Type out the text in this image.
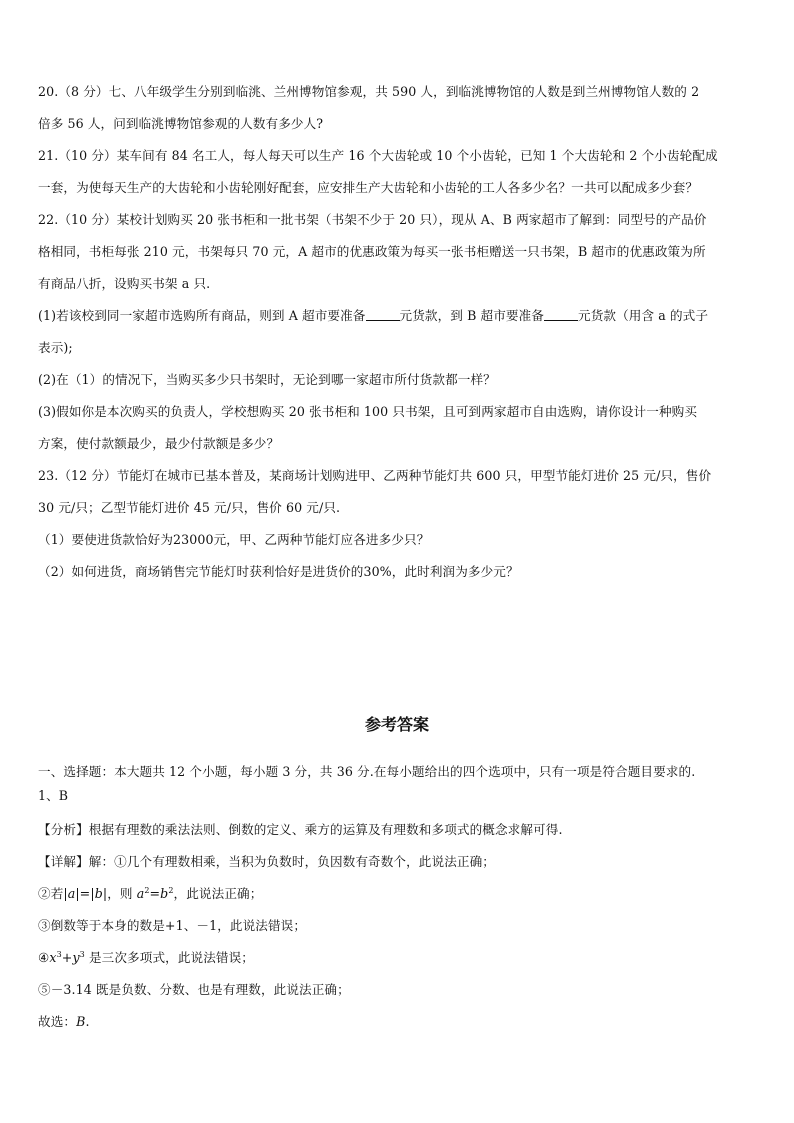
20.（8 分）七、八年级学生分别到临洮、兰州博物馆参观，共 590 人，到临洮博物馆的人数是到兰州博物馆人数的 2
倍多 56 人，问到临洮博物馆参观的人数有多少人?
21.（10 分）某车间有 84 名工人，每人每天可以生产 16 个大齿轮或 10 个小齿轮，已知 1 个大齿轮和 2 个小齿轮配成
一套，为使每天生产的大齿轮和小齿轮刚好配套，应安排生产大齿轮和小齿轮的工人各多少名？一共可以配成多少套？
22.（10 分）某校计划购买 20 张书柜和一批书架（书架不少于 20 只），现从 A、B 两家超市了解到：同型号的产品价
格相同，书柜每张 210 元，书架每只 70 元，A 超市的优惠政策为每买一张书柜赠送一只书架，B 超市的优惠政策为所
有商品八折，设购买书架 a 只.
(1)若该校到同一家超市选购所有商品，则到 A 超市要准备	元货款，到 B 超市要准备	元货款（用含 a 的式子
表示);
(2)在（1）的情况下，当购买多少只书架时，无论到哪一家超市所付货款都一样？
(3)假如你是本次购买的负责人，学校想购买 20 张书柜和 100 只书架，且可到两家超市自由选购，请你设计一种购买
方案，使付款额最少，最少付款额是多少？
23.（12 分）节能灯在城市已基本普及，某商场计划购进甲、乙两种节能灯共 600 只，甲型节能灯进价 25 元/只，售价
30 元/只；乙型节能灯进价 45 元/只，售价 60 元/只.
（1）要使进货款恰好为23000元，甲、乙两种节能灯应各进多少只？
（2）如何进货，商场销售完节能灯时获利恰好是进货价的30%，此时利润为多少元？
参考答案
一、选择题：本大题共 12 个小题，每小题 3 分，共 36 分.在每小题给出的四个选项中，只有一项是符合题目要求的.
1、B
【分析】根据有理数的乘法法则、倒数的定义、乘方的运算及有理数和多项式的概念求解可得.
【详解】解：①几个有理数相乘，当积为负数时，负因数有奇数个，此说法正确；
②若|a|=|b|，则 $a^2=b^2$，此说法正确；
③倒数等于本身的数是+1、－1，此说法错误；
$④x^3+y^3$ 是三次多项式，此说法错误；
⑤－3.14 既是负数、分数、也是有理数，此说法正确；
故选：B.
